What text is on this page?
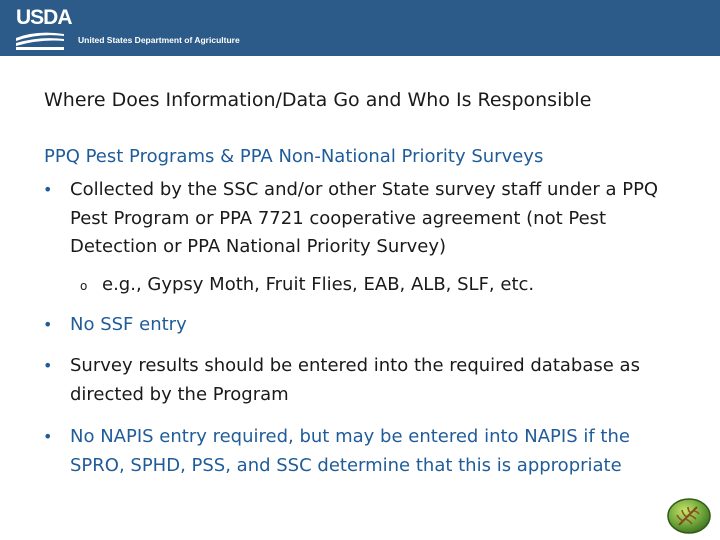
USDA
United States Department of Agriculture
Where Does Information/Data Go and Who Is Responsible
PPQ Pest Programs & PPA Non-National Priority Surveys
• Collected by the SSC and/or other State survey staff under a PPQ Pest Program or PPA 7721 cooperative agreement (not Pest Detection or PPA National Priority Survey)
o e.g., Gypsy Moth, Fruit Flies, EAB, ALB, SLF, etc.
• No SSF entry
• Survey results should be entered into the required database as directed by the Program
• No NAPIS entry required, but may be entered into NAPIS if the SPRO, SPHD, PSS, and SSC determine that this is appropriate
